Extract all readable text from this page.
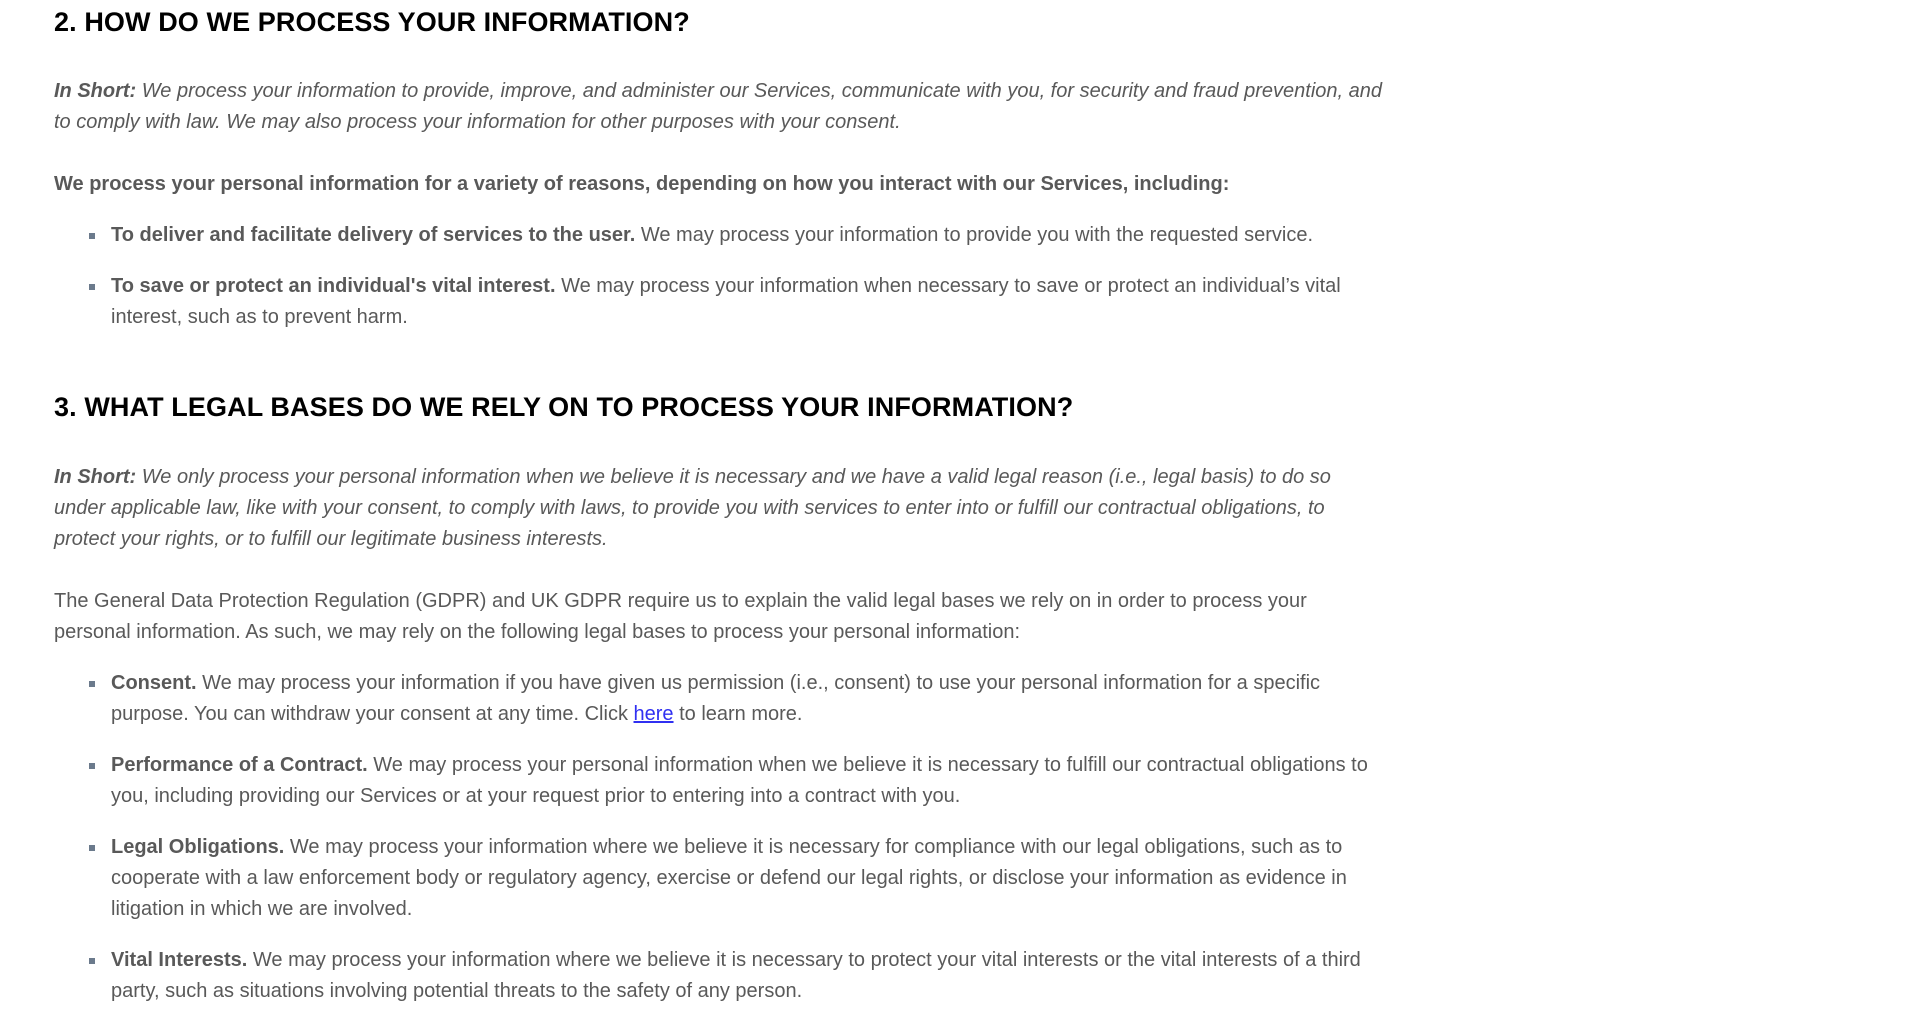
2. HOW DO WE PROCESS YOUR INFORMATION?

In Short: We process your information to provide, improve, and administer our Services, communicate with you, for security and fraud prevention, and to comply with law. We may also process your information for other purposes with your consent.

We process your personal information for a variety of reasons, depending on how you interact with our Services, including:

To deliver and facilitate delivery of services to the user. We may process your information to provide you with the requested service.
To save or protect an individual's vital interest. We may process your information when necessary to save or protect an individual’s vital interest, such as to prevent harm.
3. WHAT LEGAL BASES DO WE RELY ON TO PROCESS YOUR INFORMATION?

In Short: We only process your personal information when we believe it is necessary and we have a valid legal reason (i.e., legal basis) to do so under applicable law, like with your consent, to comply with laws, to provide you with services to enter into or fulfill our contractual obligations, to protect your rights, or to fulfill our legitimate business interests.

The General Data Protection Regulation (GDPR) and UK GDPR require us to explain the valid legal bases we rely on in order to process your personal information. As such, we may rely on the following legal bases to process your personal information:

Consent. We may process your information if you have given us permission (i.e., consent) to use your personal information for a specific purpose. You can withdraw your consent at any time. Click here to learn more.
Performance of a Contract. We may process your personal information when we believe it is necessary to fulfill our contractual obligations to you, including providing our Services or at your request prior to entering into a contract with you.
Legal Obligations. We may process your information where we believe it is necessary for compliance with our legal obligations, such as to cooperate with a law enforcement body or regulatory agency, exercise or defend our legal rights, or disclose your information as evidence in litigation in which we are involved.
Vital Interests. We may process your information where we believe it is necessary to protect your vital interests or the vital interests of a third party, such as situations involving potential threats to the safety of any person.
